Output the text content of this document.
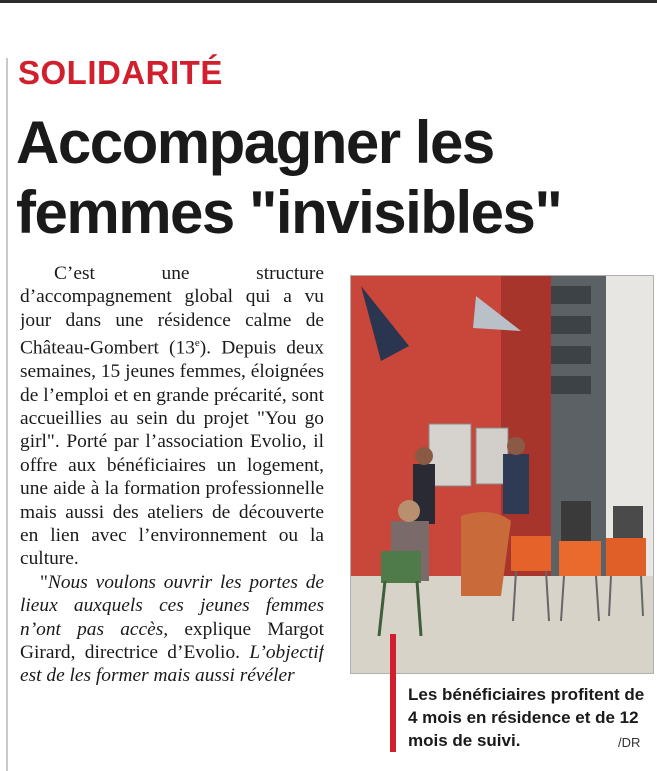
SOLIDARITÉ
Accompagner les
femmes "invisibles"

C’est une structure d’accompagnement global qui a vu jour dans une résidence calme de Château-Gombert (13e). Depuis deux semaines, 15 jeunes femmes, éloignées de l’emploi et en grande précarité, sont accueillies au sein du projet "You go girl". Porté par l’association Evolio, il offre aux bénéficiaires un logement, une aide à la formation professionnelle mais aussi des ateliers de découverte en lien avec l’environnement ou la culture.

"Nous voulons ouvrir les portes de lieux auxquels ces jeunes femmes n’ont pas accès, explique Margot Girard, directrice d’Evolio. L’objectif est de les former mais aussi révéler

Les bénéficiaires profitent de 4 mois en résidence et de 12 mois de suivi.	/DR
